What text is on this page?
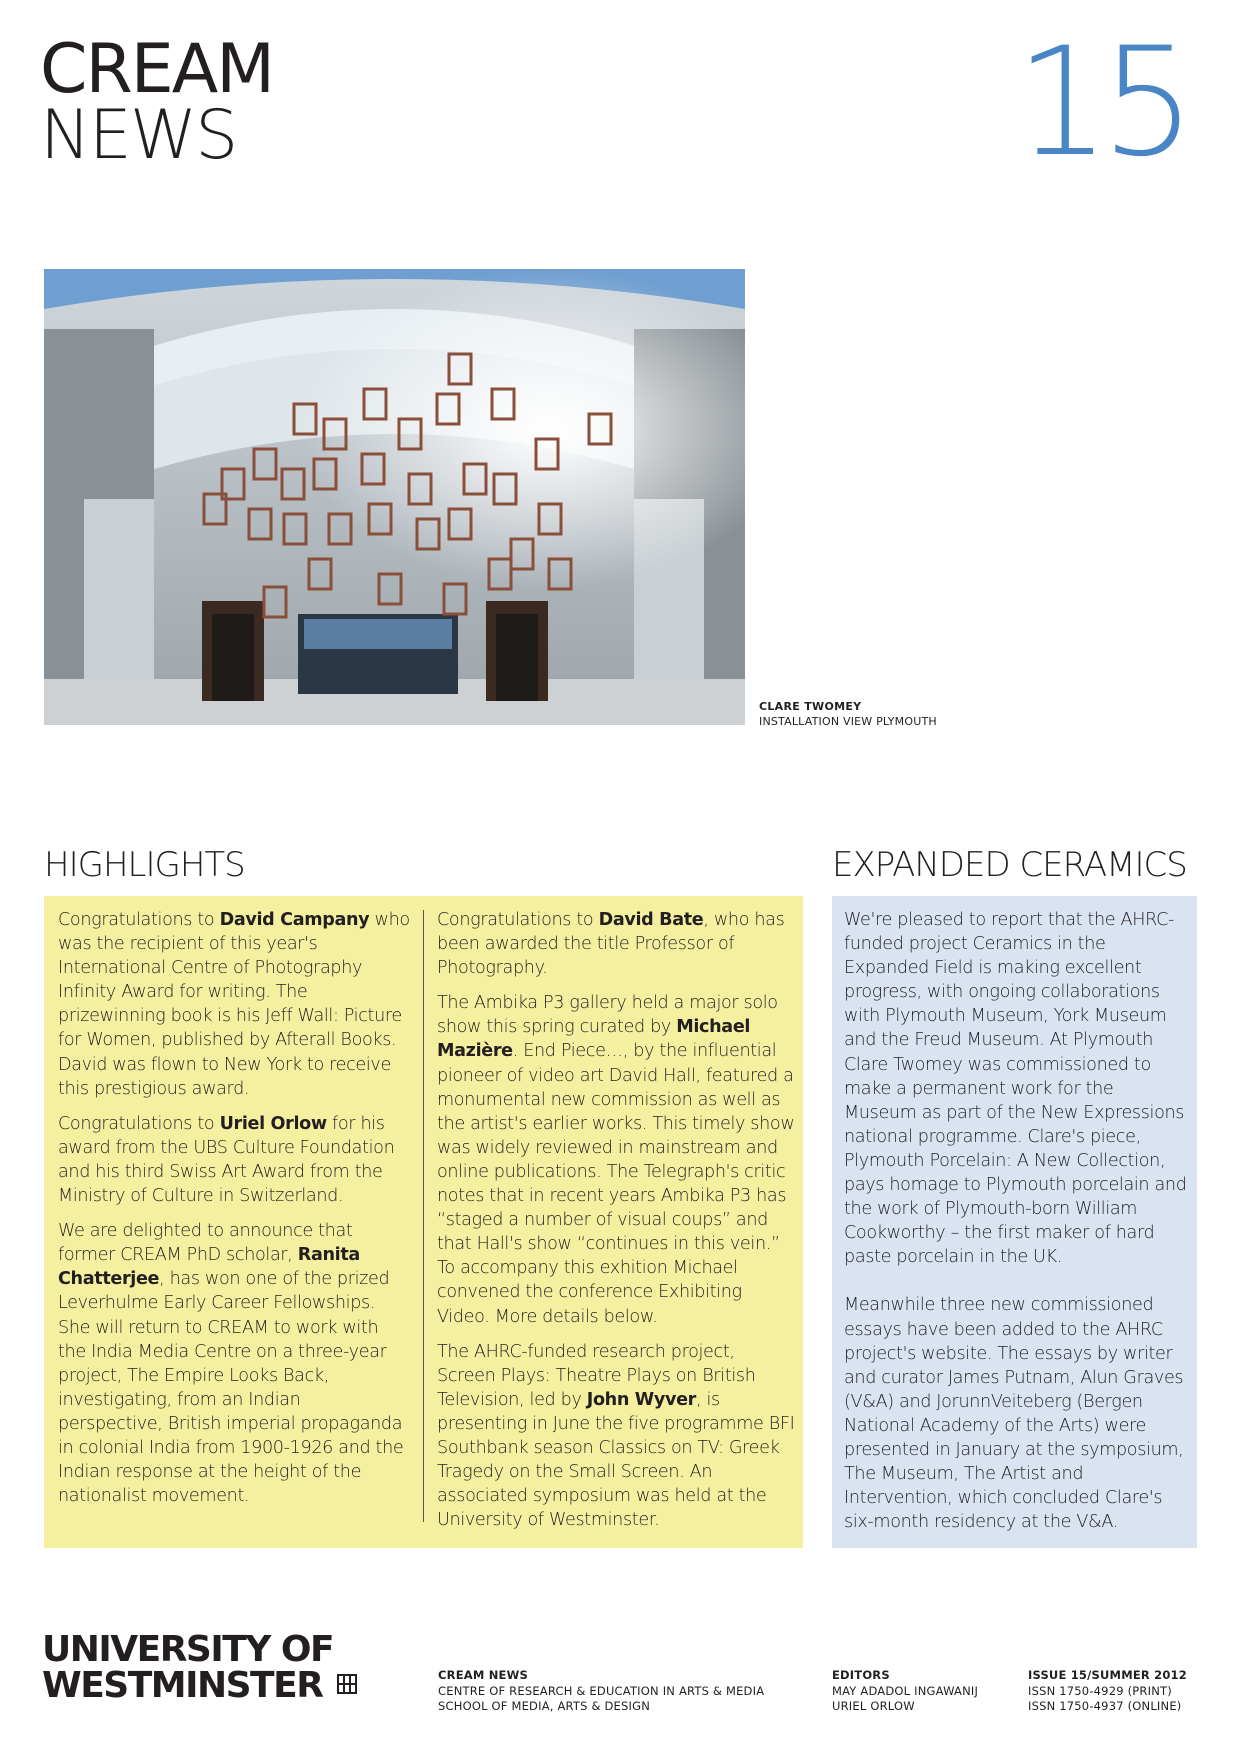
CREAM
NEWS	15
CLARE TWOMEY
INSTALLATION VIEW PLYMOUTH
HIGHLIGHTS	EXPANDED CERAMICS

Congratulations to David Campany who was the recipient of this year's International Centre of Photography Infinity Award for writing. The prizewinning book is his Jeff Wall: Picture for Women, published by Afterall Books. David was flown to New York to receive this prestigious award.

Congratulations to Uriel Orlow for his award from the UBS Culture Foundation and his third Swiss Art Award from the Ministry of Culture in Switzerland.

We are delighted to announce that former CREAM PhD scholar, Ranita Chatterjee, has won one of the prized Leverhulme Early Career Fellowships. She will return to CREAM to work with the India Media Centre on a three-year project, The Empire Looks Back, investigating, from an Indian perspective, British imperial propaganda in colonial India from 1900-1926 and the Indian response at the height of the nationalist movement.

Congratulations to David Bate, who has been awarded the title Professor of Photography.

The Ambika P3 gallery held a major solo show this spring curated by Michael Mazière. End Piece…, by the influential pioneer of video art David Hall, featured a monumental new commission as well as the artist's earlier works. This timely show was widely reviewed in mainstream and online publications. The Telegraph's critic notes that in recent years Ambika P3 has “staged a number of visual coups” and that Hall's show “continues in this vein.” To accompany this exhition Michael convened the conference Exhibiting Video. More details below.

The AHRC-funded research project, Screen Plays: Theatre Plays on British Television, led by John Wyver, is presenting in June the five programme BFI Southbank season Classics on TV: Greek Tragedy on the Small Screen. An associated symposium was held at the University of Westminster.

We're pleased to report that the AHRC-funded project Ceramics in the Expanded Field is making excellent progress, with ongoing collaborations with Plymouth Museum, York Museum and the Freud Museum. At Plymouth Clare Twomey was commissioned to make a permanent work for the Museum as part of the New Expressions national programme. Clare's piece, Plymouth Porcelain: A New Collection, pays homage to Plymouth porcelain and the work of Plymouth-born William Cookworthy – the first maker of hard paste porcelain in the UK.

Meanwhile three new commissioned essays have been added to the AHRC project's website. The essays by writer and curator James Putnam, Alun Graves (V&A) and JorunnVeiteberg (Bergen National Academy of the Arts) were presented in January at the symposium, The Museum, The Artist and Intervention, which concluded Clare's six-month residency at the V&A.

UNIVERSITY OF
WESTMINSTER	CREAM NEWS
CENTRE OF RESEARCH & EDUCATION IN ARTS & MEDIA
SCHOOL OF MEDIA, ARTS & DESIGN
EDITORS
MAY ADADOL INGAWANIJ
URIEL ORLOW
ISSUE 15/SUMMER 2012
ISSN 1750-4929 (PRINT)
ISSN 1750-4937 (ONLINE)
